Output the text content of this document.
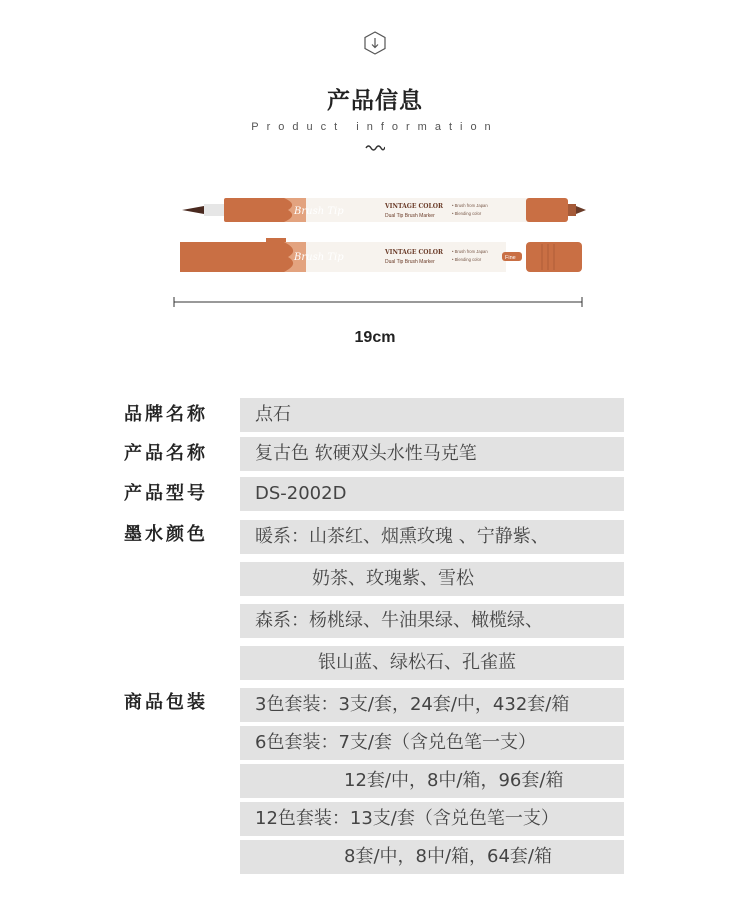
产品信息
Product information
Brush Tip	VINTAGE COLOR
Dual Tip Brush Marker
• Brush from Japan
• Blending color
Brush Tip	VINTAGE COLOR
Dual Tip Brush Marker
• Brush from Japan
• Blending color	Fine
19cm
品牌名称	点石
产品名称	复古色 软硬双头水性马克笔
产品型号	DS-2002D
墨水颜色	暖系：山茶红、烟熏玫瑰 、宁静紫、
奶茶、玫瑰紫、雪松
森系：杨桃绿、牛油果绿、橄榄绿、
银山蓝、绿松石、孔雀蓝
商品包装	3色套装：3支/套，24套/中，432套/箱
6色套装：7支/套（含兑色笔一支）
12套/中，8中/箱，96套/箱
12色套装：13支/套（含兑色笔一支）
8套/中，8中/箱，64套/箱
